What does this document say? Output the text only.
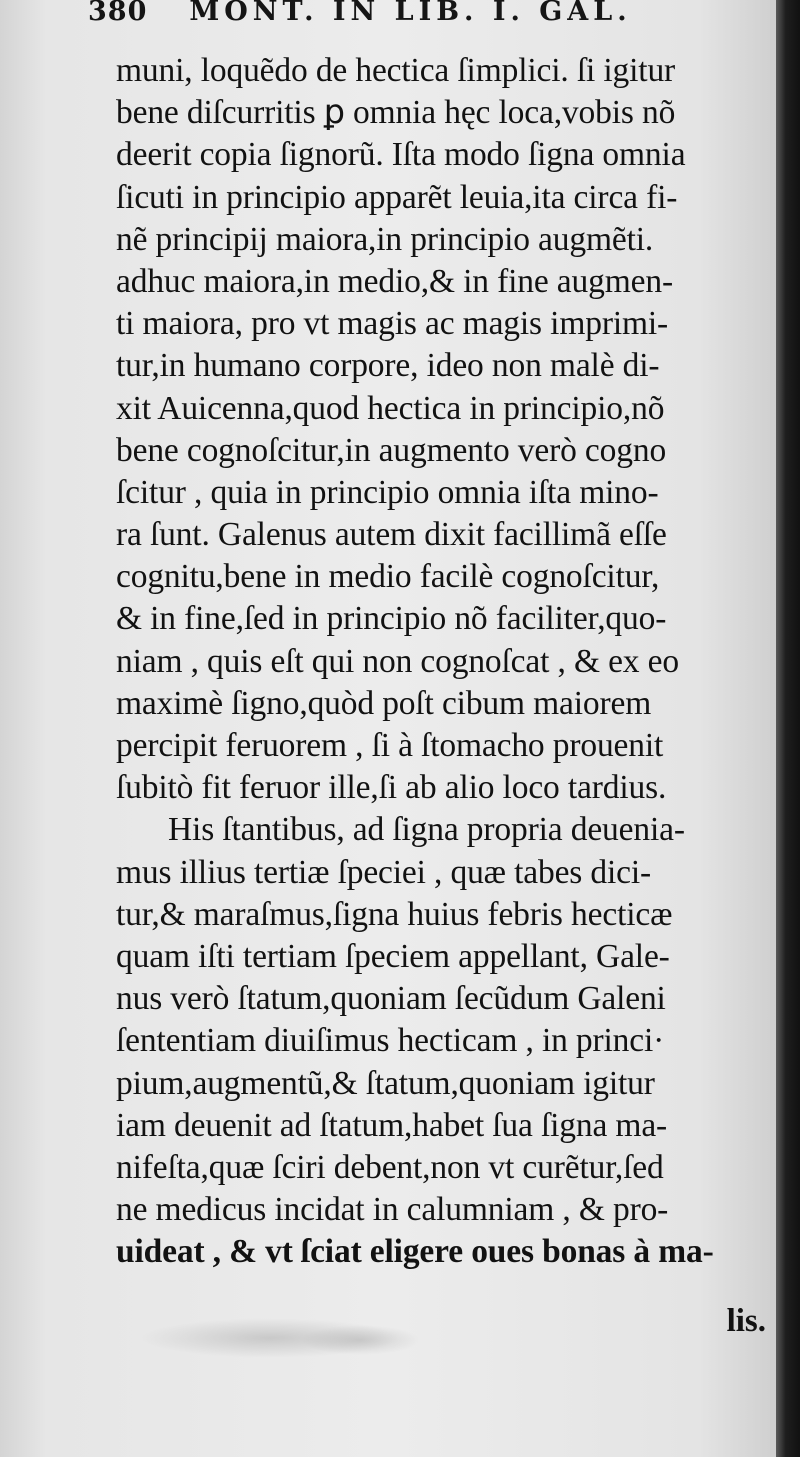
380 MONT. IN LIB. I. GAL.
muni, loquẽdo de hectica ſimplici. ſi igitur
bene diſcurritis ꝑ omnia hęc loca,vobis nõ
deerit copia ſignorũ. Iſta modo ſigna omnia
ſicuti in principio apparẽt leuia,ita circa fi-
nẽ principij maiora,in principio augmẽti.
adhuc maiora,in medio,& in fine augmen-
ti maiora, pro vt magis ac magis imprimi-
tur,in humano corpore, ideo non malè di-
xit Auicenna,quod hectica in principio,nõ
bene cognoſcitur,in augmento verò cogno
ſcitur , quia in principio omnia iſta mino-
ra ſunt. Galenus autem dixit facillimã eſſe
cognitu,bene in medio facilè cognoſcitur,
& in fine,ſed in principio nõ faciliter,quo-
niam , quis eſt qui non cognoſcat , & ex eo
maximè ſigno,quòd poſt cibum maiorem
percipit feruorem , ſi à ſtomacho prouenit
ſubitò fit feruor ille,ſi ab alio loco tardius.
His ſtantibus, ad ſigna propria deuenia-
mus illius tertiæ ſpeciei , quæ tabes dici-
tur,& maraſmus,ſigna huius febris hecticæ
quam iſti tertiam ſpeciem appellant, Gale-
nus verò ſtatum,quoniam ſecũdum Galeni
ſententiam diuiſimus hecticam , in princi·
pium,augmentũ,& ſtatum,quoniam igitur
iam deuenit ad ſtatum,habet ſua ſigna ma-
nifeſta,quæ ſciri debent,non vt curẽtur,ſed
ne medicus incidat in calumniam , & pro-
uideat , & vt ſciat eligere oues bonas à ma-
lis.
